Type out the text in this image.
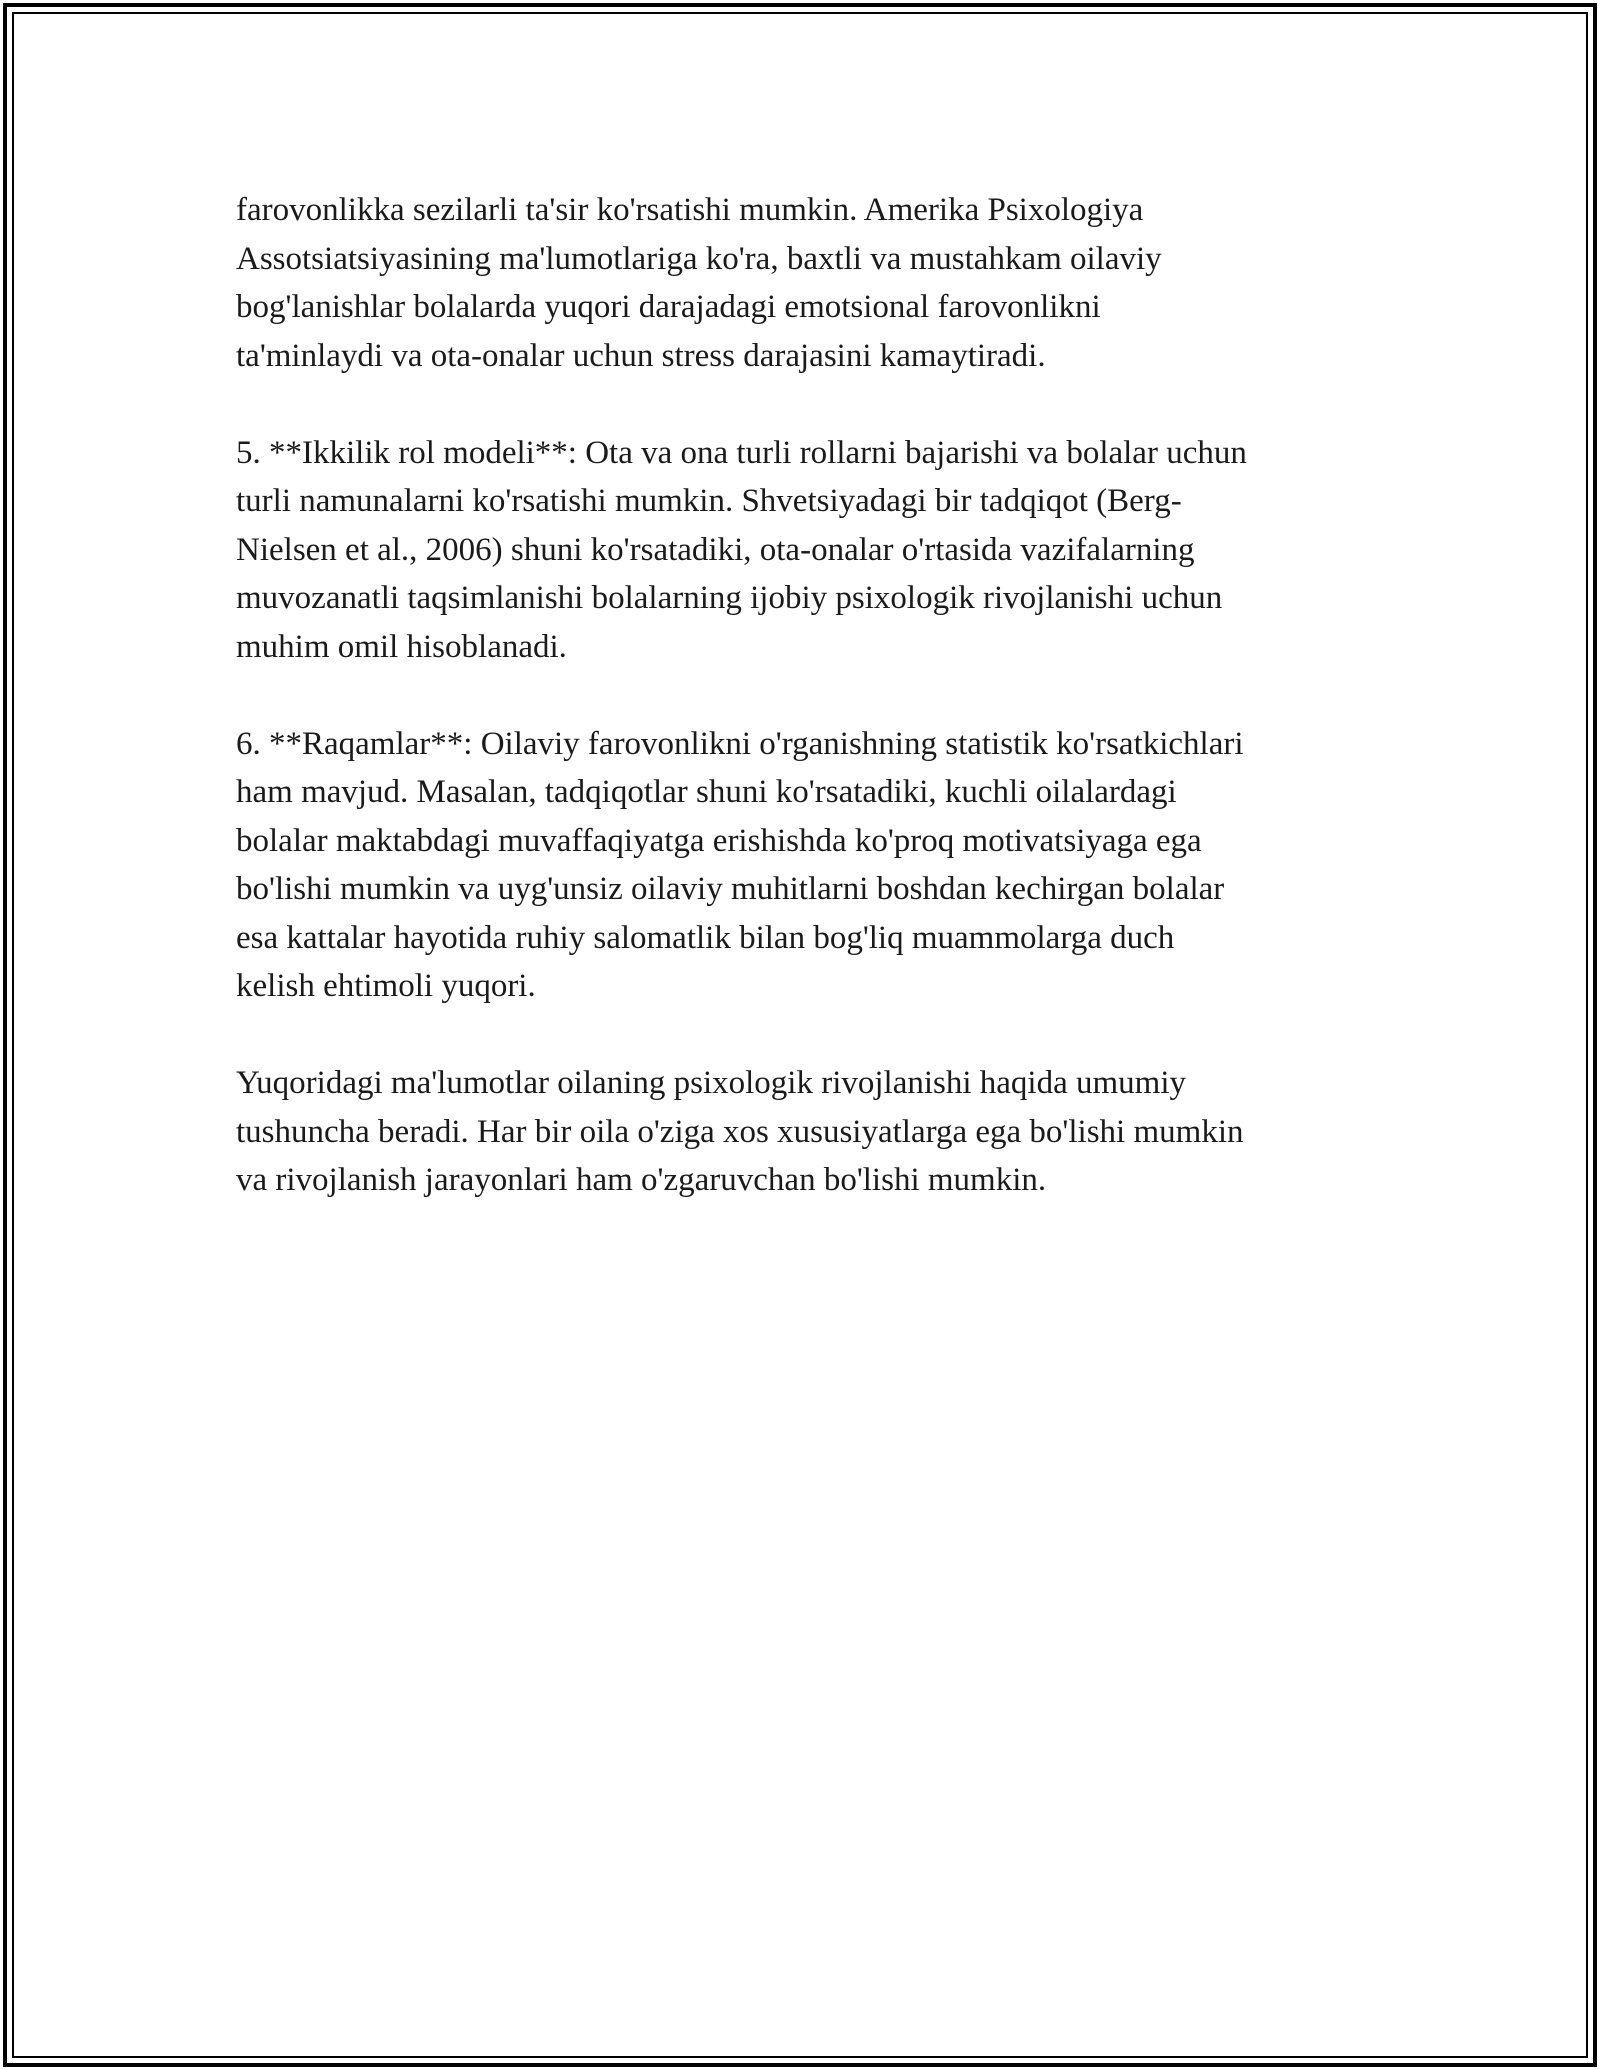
farovonlikka sezilarli ta'sir ko'rsatishi mumkin. Amerika Psixologiya
Assotsiatsiyasining ma'lumotlariga ko'ra, baxtli va mustahkam oilaviy
bog'lanishlar bolalarda yuqori darajadagi emotsional farovonlikni
ta'minlaydi va ota-onalar uchun stress darajasini kamaytiradi.

5. **Ikkilik rol modeli**: Ota va ona turli rollarni bajarishi va bolalar uchun
turli namunalarni ko'rsatishi mumkin. Shvetsiyadagi bir tadqiqot (Berg-
Nielsen et al., 2006) shuni ko'rsatadiki, ota-onalar o'rtasida vazifalarning
muvozanatli taqsimlanishi bolalarning ijobiy psixologik rivojlanishi uchun
muhim omil hisoblanadi.

6. **Raqamlar**: Oilaviy farovonlikni o'rganishning statistik ko'rsatkichlari
ham mavjud. Masalan, tadqiqotlar shuni ko'rsatadiki, kuchli oilalardagi
bolalar maktabdagi muvaffaqiyatga erishishda ko'proq motivatsiyaga ega
bo'lishi mumkin va uyg'unsiz oilaviy muhitlarni boshdan kechirgan bolalar
esa kattalar hayotida ruhiy salomatlik bilan bog'liq muammolarga duch
kelish ehtimoli yuqori.

Yuqoridagi ma'lumotlar oilaning psixologik rivojlanishi haqida umumiy
tushuncha beradi. Har bir oila o'ziga xos xususiyatlarga ega bo'lishi mumkin
va rivojlanish jarayonlari ham o'zgaruvchan bo'lishi mumkin.
